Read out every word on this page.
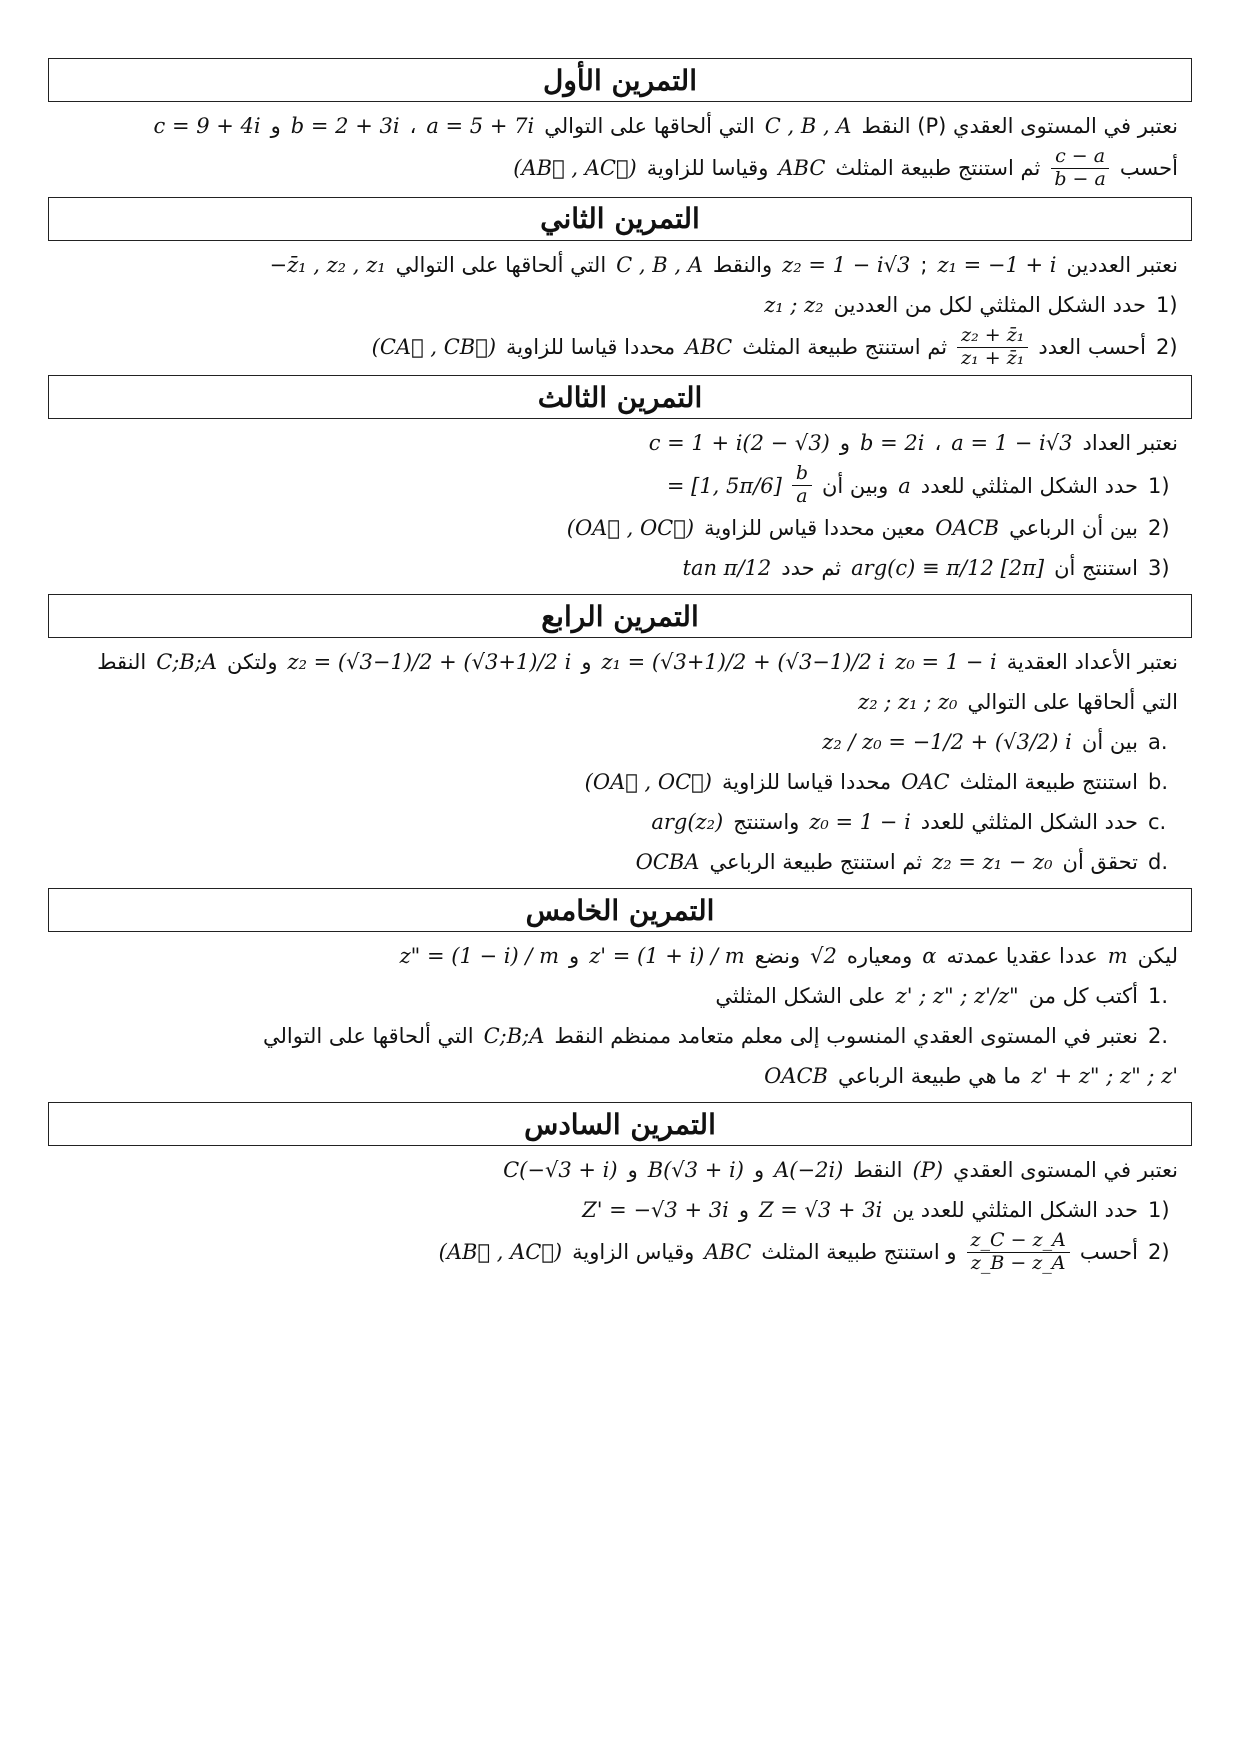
التمرين الأول
نعتبر في المستوى العقدي (P) النقط
C , B , A
التي ألحاقها على التوالي
a = 5 + 7i
،
b = 2 + 3i
و
c = 9 + 4i
أحسب
$\frac{c - a}{b - a}$
ثم استنتج طبيعة المثلث
ABC
وقياسا للزاوية
(AB⃗ , AC⃗)
التمرين الثاني
نعتبر العددين
z₁ = −1 + i
;
z₂ = 1 − i√3
والنقط
C , B , A
التي ألحاقها على التوالي
−z̄₁ , z₂ , z₁
1)
حدد الشكل المثلثي لكل من العددين
z₁ ; z₂
2)
أحسب العدد
$\frac{\text{z₂ + z̄₁}}{\text{z₁ + z̄₁}}$
ثم استنتج طبيعة المثلث
ABC
محددا قياسا للزاوية
(CA⃗ , CB⃗)
التمرين الثالث
نعتبر العداد
a = 1 − i√3
،
b = 2i
و
c = 1 + i(2 − √3)
1)
حدد الشكل المثلثي للعدد
a
وبين أن
$\frac{b}{a}$
= [1, 5π/6]
2)
بين أن الرباعي
OACB
معين محددا قياس للزاوية
(OA⃗ , OC⃗)
3)
استنتج أن
arg(c) ≡ π/12 [2π]
ثم حدد
tan π/12
التمرين الرابع
نعتبر الأعداد العقدية
z₀ = 1 − i
z₁ = (√3+1)/2 + (√3−1)/2 i
و
z₂ = (√3−1)/2 + (√3+1)/2 i
ولتكن
C;B;A
النقط
التي ألحاقها على التوالي
z₂ ; z₁ ; z₀
a.
بين أن
z₂ / z₀ = −1/2 + (√3/2) i
b.
استنتج طبيعة المثلث
OAC
محددا قياسا للزاوية
(OA⃗ , OC⃗)
c.
حدد الشكل المثلثي للعدد
z₀ = 1 − i
واستنتج
arg(z₂)
d.
تحقق أن
z₂ = z₁ − z₀
ثم استنتج طبيعة الرباعي
OCBA
التمرين الخامس
ليكن
m
عددا عقديا عمدته
α
ومعياره
√2
ونضع
z' = (1 + i) / m
و
z" = (1 − i) / m
1.
أكتب كل من
z' ; z" ; z'/z"
على الشكل المثلثي
2.
نعتبر في المستوى العقدي المنسوب إلى معلم متعامد ممنظم النقط
C;B;A
التي ألحاقها على التوالي
z' + z" ; z" ; z'
ما هي طبيعة الرباعي
OACB
التمرين السادس
نعتبر في المستوى العقدي
(P)
النقط
A(−2i)
و
B(√3 + i)
و
C(−√3 + i)
1)
حدد الشكل المثلثي للعدد ين
Z = √3 + 3i
و
Z' = −√3 + 3i
2)
أحسب
$\frac{z\_C - z\_A}{z\_B - z\_A}$
و استنتج طبيعة المثلث
ABC
وقياس الزاوية
(AB⃗ , AC⃗)
